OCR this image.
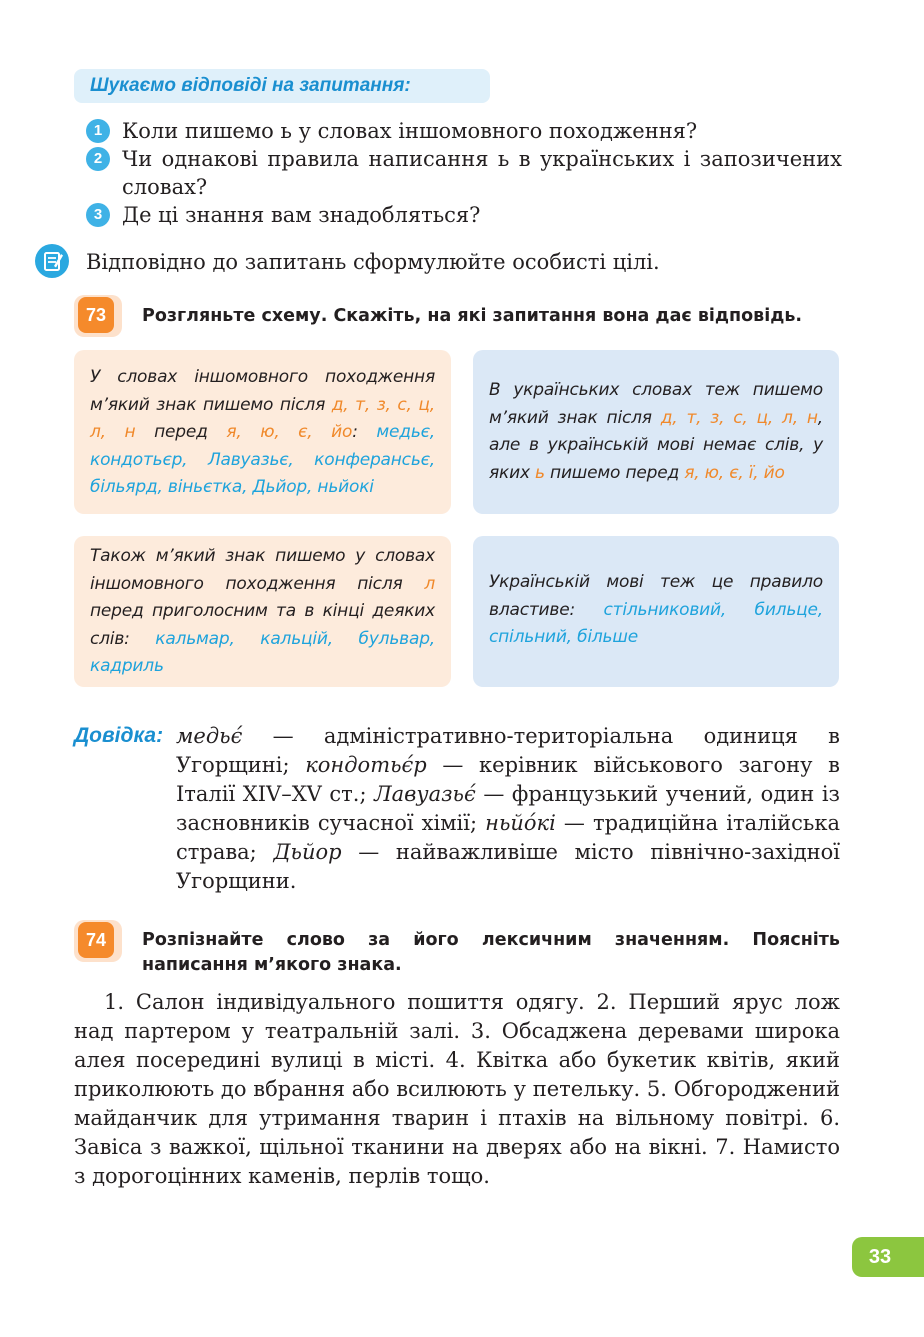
Шукаємо відповіді на запитання:
1 Коли пишемо ь у словах іншомовного походження?
2 Чи однакові правила написання ь в українських і запозичених словах?
3 Де ці знання вам знадобляться?
Відповідно до запитань сформулюйте особисті цілі.
73	Розгляньте схему. Скажіть, на які запитання вона дає відповідь.
У словах іншомовного походження м’який знак пишемо після д, т, з, с, ц, л, н перед я, ю, є, йо: медьє, кондотьєр, Лавуазьє, конферансьє, більярд, віньєтка, Дьйор, ньйокі
В українських словах теж пишемо м’який знак після д, т, з, с, ц, л, н, але в українській мові немає слів, у яких ь пишемо перед я, ю, є, ї, йо
Також м’який знак пишемо у словах іншомовного походження після л перед приголосним та в кінці деяких слів: кальмар, кальцій, бульвар, кадриль
Українській мові теж це правило властиве: стільниковий, бильце, спільний, більше
Довідка: медьє́ — адміністративно-територіальна одиниця в Угорщині; кондотьє́р — керівник військового загону в Італії XIV–XV ст.; Лавуазьє́ — французький учений, один із засновників сучасної хімії; ньйо́кі — традиційна італійська страва; Дьйор — найважливіше місто північно-західної Угорщини.
74	Розпізнайте слово за його лексичним значенням. Поясніть написання м’якого знака.
1. Салон індивідуального пошиття одягу. 2. Перший ярус лож над партером у театральній залі. 3. Обсаджена деревами широка алея посередині вулиці в місті. 4. Квітка або букетик квітів, який приколюють до вбрання або всилюють у петельку. 5. Обгороджений майданчик для утримання тварин і птахів на вільному повітрі. 6. Завіса з важкої, щільної тканини на дверях або на вікні. 7. Намисто з дорогоцінних каменів, перлів тощо.
33
